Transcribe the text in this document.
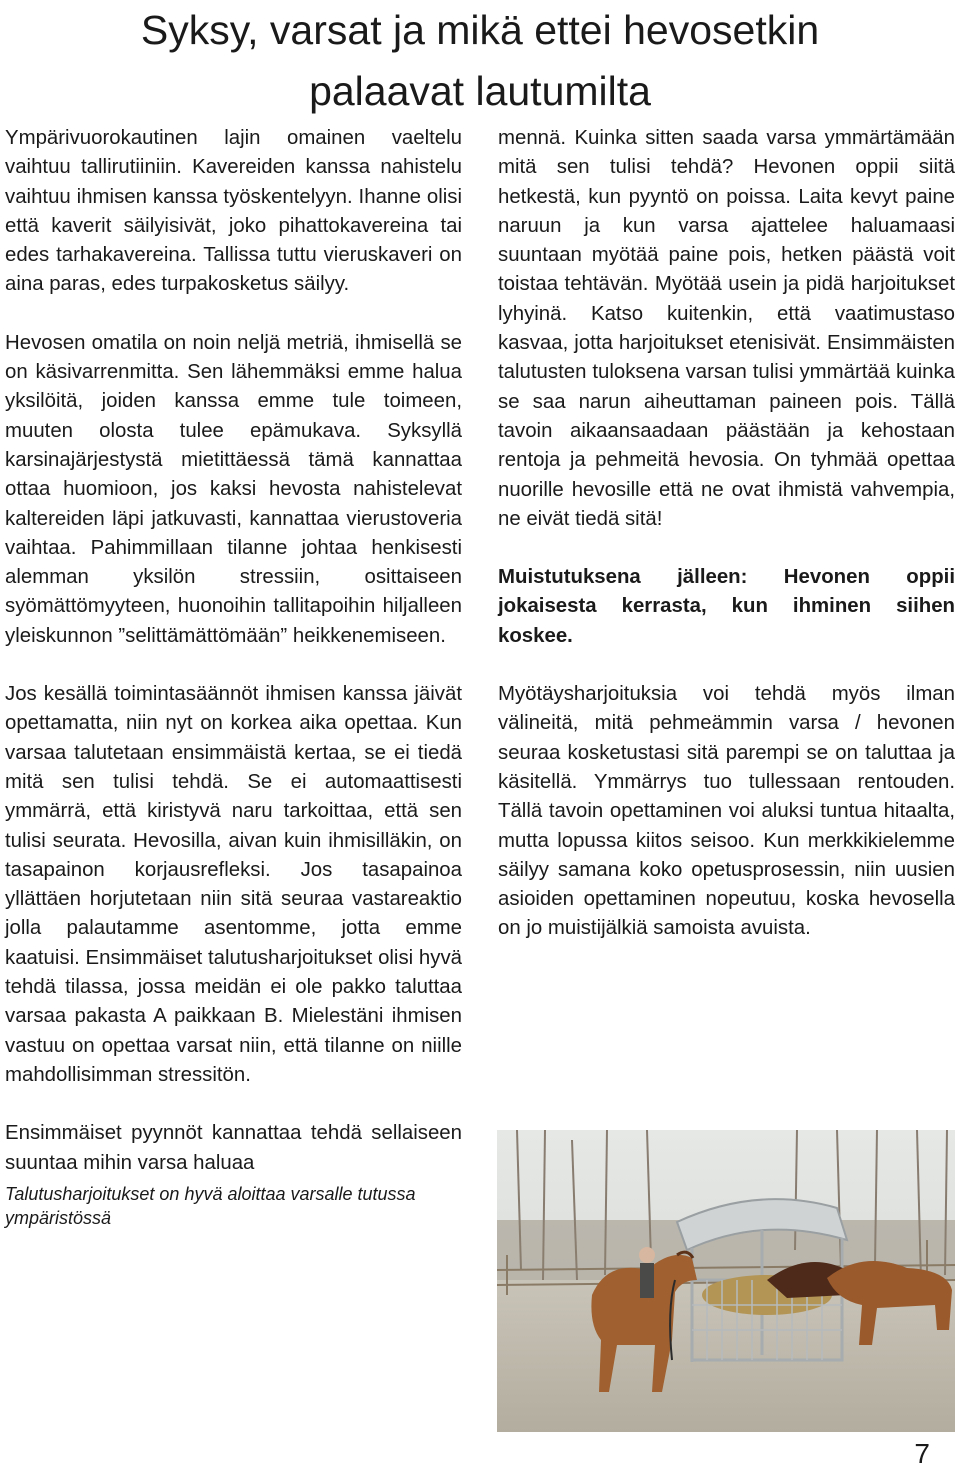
Syksy, varsat ja mikä ettei hevosetkin
palaavat lautumilta

Ympärivuorokautinen lajin omainen vaeltelu vaihtuu tallirutiiniin. Kavereiden kanssa nahistelu vaihtuu ihmisen kanssa työskentelyyn. Ihanne olisi että kaverit säilyisivät, joko pihattokavereina tai edes tarhakavereina. Tallissa tuttu vieruskaveri on aina paras, edes turpakosketus säilyy.

Hevosen omatila on noin neljä metriä, ihmisellä se on käsivarrenmitta. Sen lähemmäksi emme halua yksilöitä, joiden kanssa emme tule toimeen, muuten olosta tulee epämukava. Syksyllä karsinajärjestystä mietittäessä tämä kannattaa ottaa huomioon, jos kaksi hevosta nahistelevat kaltereiden läpi jatkuvasti, kannattaa vierustoveria vaihtaa. Pahimmillaan tilanne johtaa henkisesti alemman yksilön stressiin, osittaiseen syömättömyyteen, huonoihin tallitapoihin hiljalleen yleiskunnon ”selittämättömään” heikkenemiseen.

Jos kesällä toimintasäännöt ihmisen kanssa jäivät opettamatta, niin nyt on korkea aika opettaa. Kun varsaa talutetaan ensimmäistä kertaa, se ei tiedä mitä sen tulisi tehdä. Se ei automaattisesti ymmärrä, että kiristyvä naru tarkoittaa, että sen tulisi seurata. Hevosilla, aivan kuin ihmisilläkin, on tasapainon korjausrefleksi. Jos tasapainoa yllättäen horjutetaan niin sitä seuraa vastareaktio jolla palautamme asentomme, jotta emme kaatuisi. Ensimmäiset talutusharjoitukset olisi hyvä tehdä tilassa, jossa meidän ei ole pakko taluttaa varsaa pakasta A paikkaan B. Mielestäni ihmisen vastuu on opettaa varsat niin, että tilanne on niille mahdollisimman stressitön.

Ensimmäiset pyynnöt kannattaa tehdä sellaiseen suuntaa mihin varsa haluaa

Talutusharjoitukset on hyvä aloittaa varsalle tutussa ympäristössä

mennä. Kuinka sitten saada varsa ymmärtämään mitä sen tulisi tehdä? Hevonen oppii siitä hetkestä, kun pyyntö on poissa. Laita kevyt paine naruun ja kun varsa ajattelee haluamaasi suuntaan myötää paine pois, hetken päästä voit toistaa tehtävän. Myötää usein ja pidä harjoitukset lyhyinä. Katso kuitenkin, että vaatimustaso kasvaa, jotta harjoitukset etenisivät. Ensimmäisten talutusten tuloksena varsan tulisi ymmärtää kuinka se saa narun aiheuttaman paineen pois. Tällä tavoin aikaansaadaan päästään ja kehostaan rentoja ja pehmeitä hevosia. On tyhmää opettaa nuorille hevosille että ne ovat ihmistä vahvempia, ne eivät tiedä sitä!

Muistutuksena jälleen: Hevonen oppii jokaisesta kerrasta, kun ihminen siihen koskee.

Myötäysharjoituksia voi tehdä myös ilman välineitä, mitä pehmeämmin varsa / hevonen seuraa kosketustasi sitä parempi se on taluttaa ja käsitellä. Ymmärrys tuo tullessaan rentouden. Tällä tavoin opettaminen voi aluksi tuntua hitaalta, mutta lopussa kiitos seisoo. Kun merkkikielemme säilyy samana koko opetusprosessin, niin uusien asioiden opettaminen nopeutuu, koska hevosella on jo muistijälkiä samoista avuista.

7
